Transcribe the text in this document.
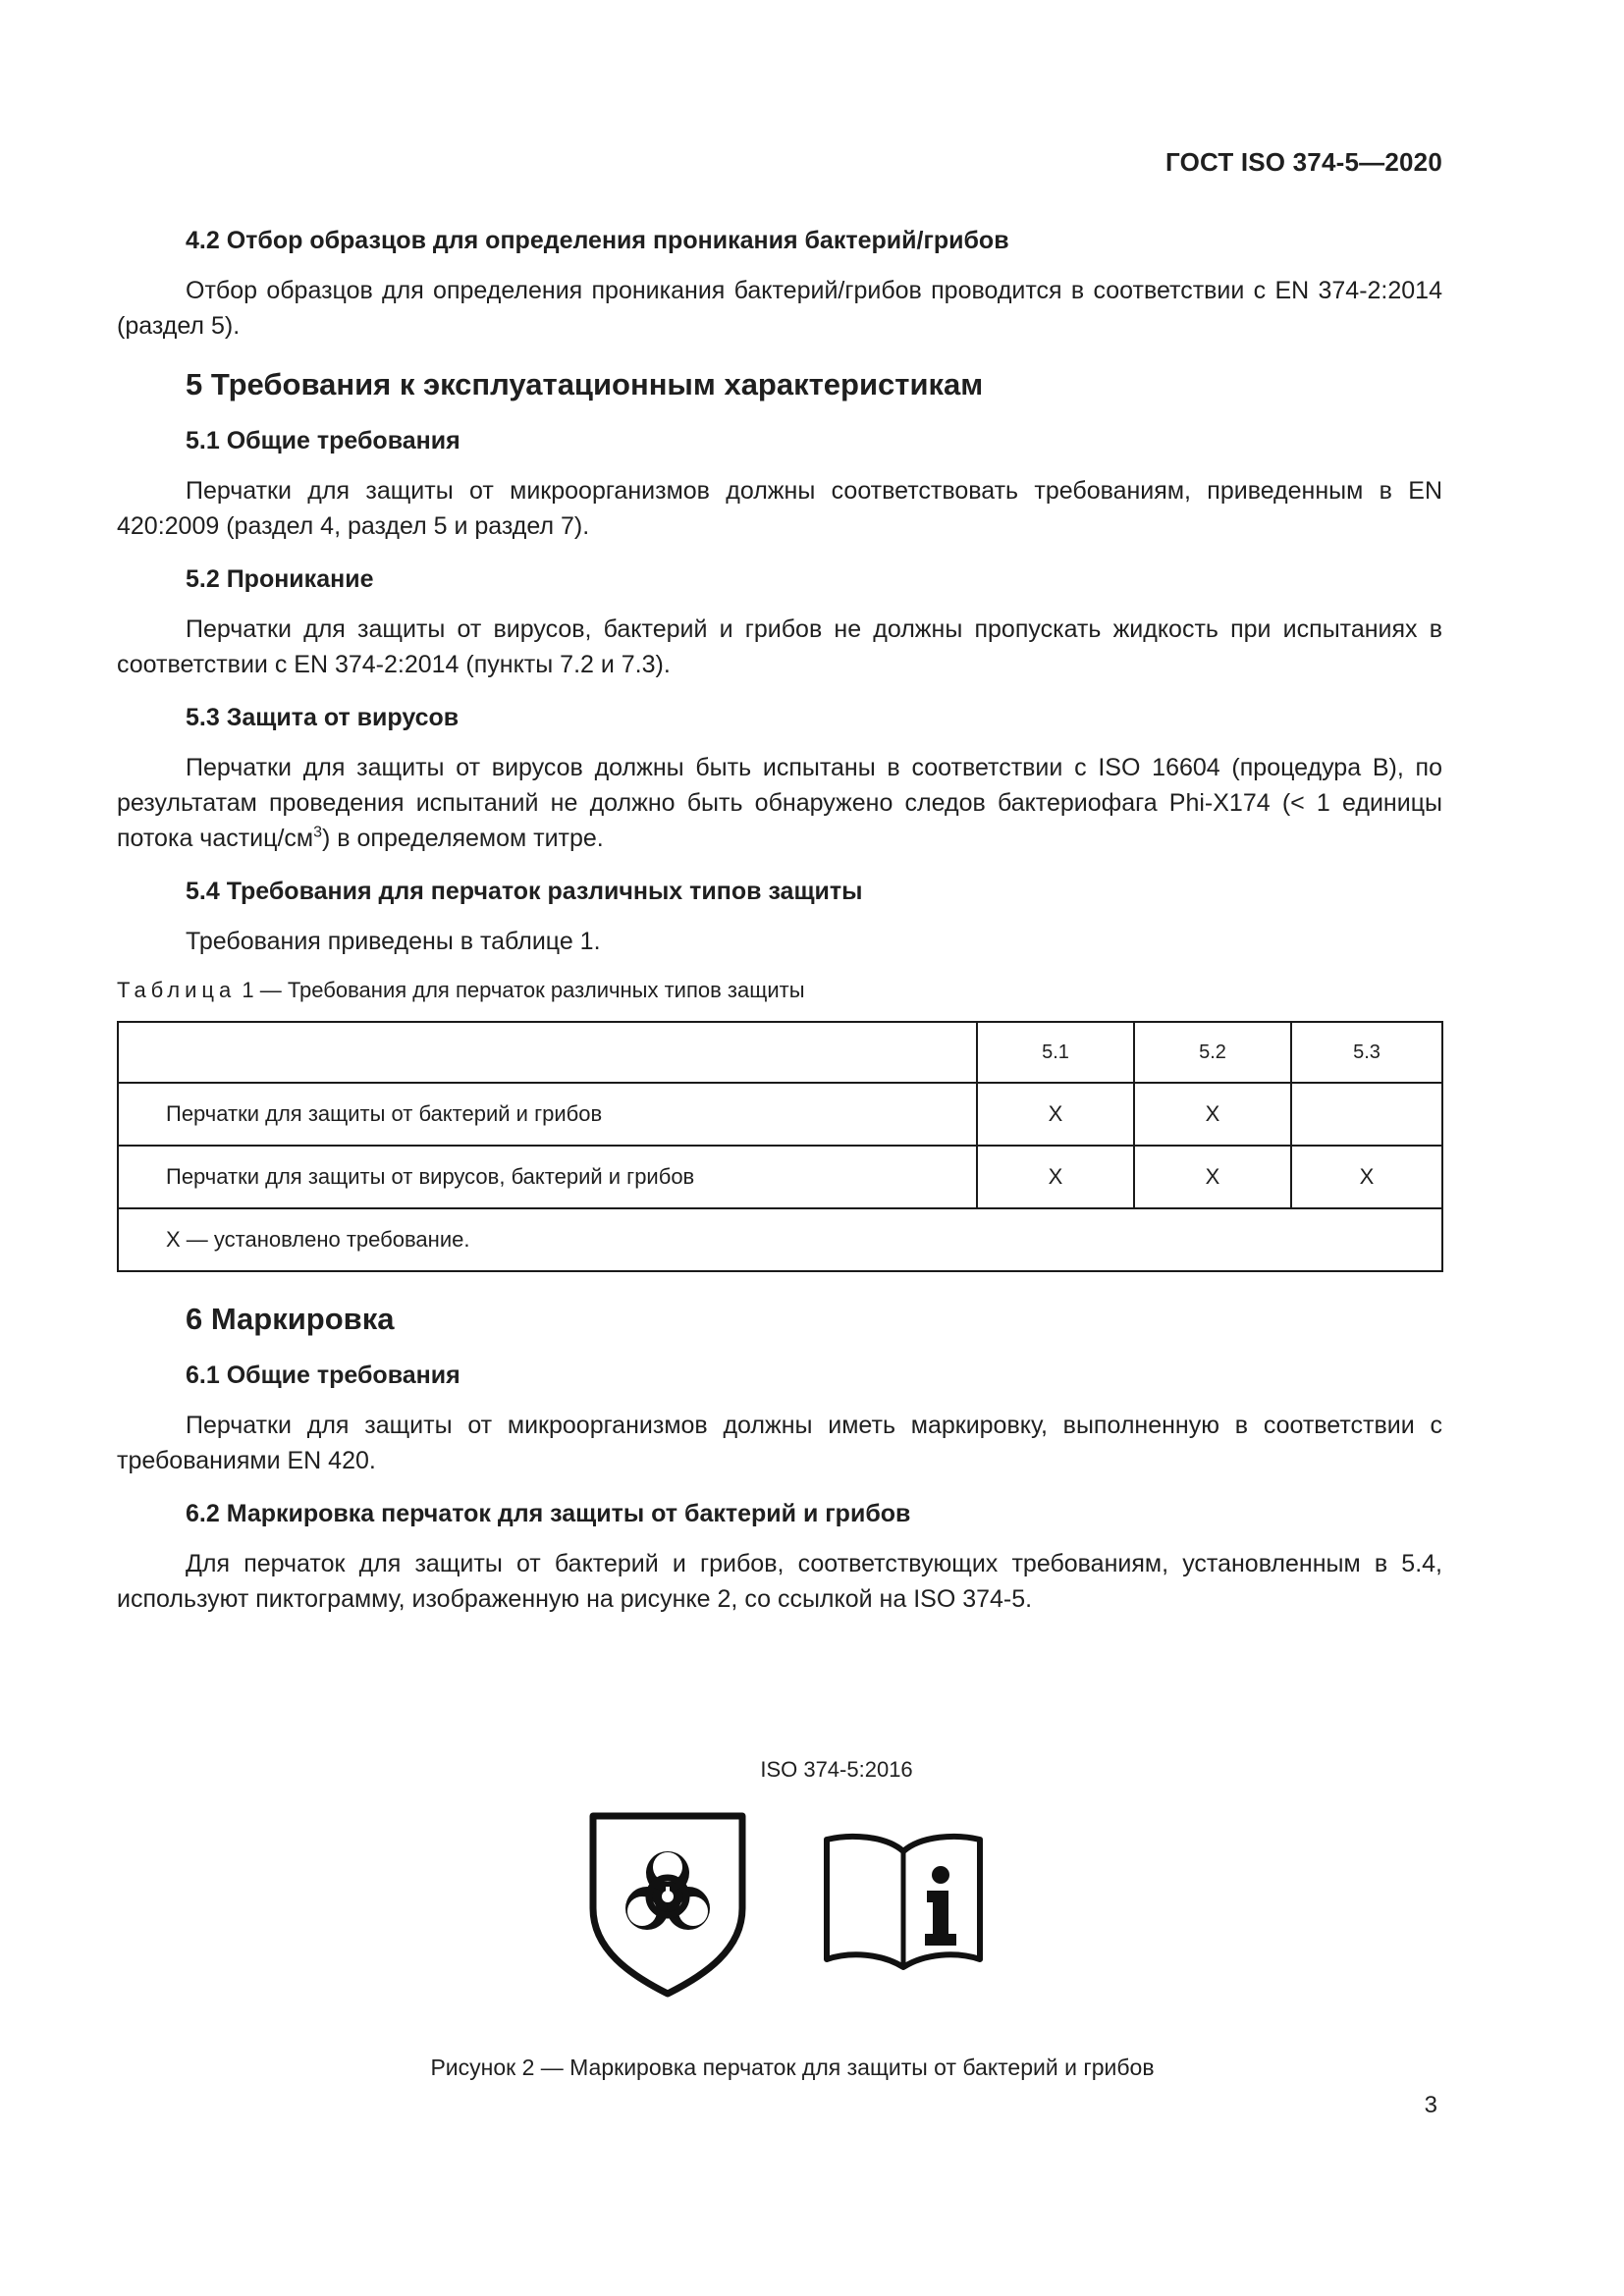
ГОСТ ISO 374-5—2020
4.2 Отбор образцов для определения проникания бактерий/грибов
Отбор образцов для определения проникания бактерий/грибов проводится в соответствии с EN 374-2:2014 (раздел 5).
5 Требования к эксплуатационным характеристикам
5.1 Общие требования
Перчатки для защиты от микроорганизмов должны соответствовать требованиям, приведенным в EN 420:2009 (раздел 4, раздел 5 и раздел 7).
5.2 Проникание
Перчатки для защиты от вирусов, бактерий и грибов не должны пропускать жидкость при испытаниях в соответствии с EN 374-2:2014 (пункты 7.2 и 7.3).
5.3 Защита от вирусов
Перчатки для защиты от вирусов должны быть испытаны в соответствии с ISO 16604 (процедура B), по результатам проведения испытаний не должно быть обнаружено следов бактериофага Phi-X174 (< 1 единицы потока частиц/$см^3$) в определяемом титре.
5.4 Требования для перчаток различных типов защиты
Требования приведены в таблице 1.
Таблица 1 — Требования для перчаток различных типов защиты
	5.1	5.2	5.3
Перчатки для защиты от бактерий и грибов	X	X	
Перчатки для защиты от вирусов, бактерий и грибов	X	X	X
X — установлено требование.			
6 Маркировка
6.1 Общие требования
Перчатки для защиты от микроорганизмов должны иметь маркировку, выполненную в соответствии с требованиями EN 420.
6.2 Маркировка перчаток для защиты от бактерий и грибов
Для перчаток для защиты от бактерий и грибов, соответствующих требованиям, установленным в 5.4, используют пиктограмму, изображенную на рисунке 2, со ссылкой на ISO 374-5.
ISO 374-5:2016
Рисунок 2 — Маркировка перчаток для защиты от бактерий и грибов
3
